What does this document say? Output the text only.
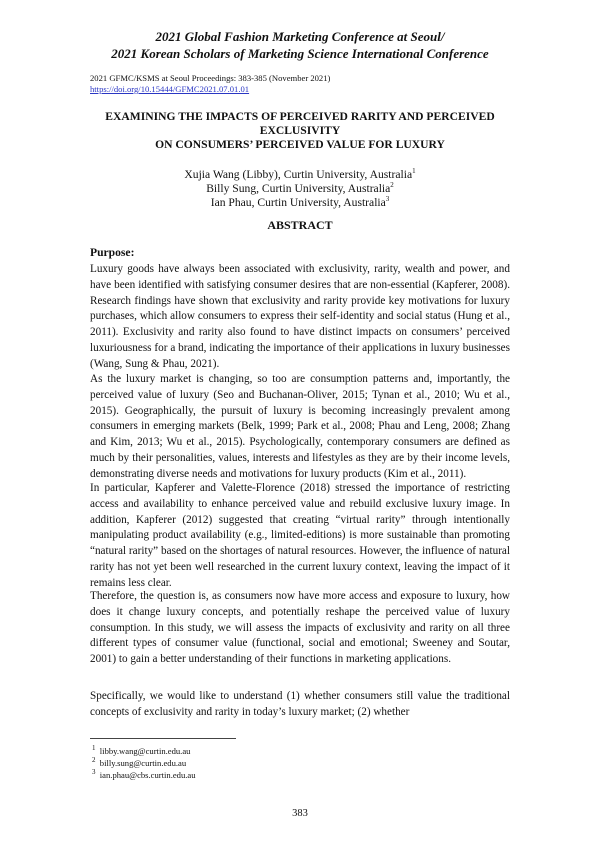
2021 Global Fashion Marketing Conference at Seoul/
2021 Korean Scholars of Marketing Science International Conference
2021 GFMC/KSMS at Seoul Proceedings: 383-385 (November 2021)
https://doi.org/10.15444/GFMC2021.07.01.01
EXAMINING THE IMPACTS OF PERCEIVED RARITY AND PERCEIVED
EXCLUSIVITY
ON CONSUMERS’ PERCEIVED VALUE FOR LUXURY
Xujia Wang (Libby), Curtin University, Australia$^1$
Billy Sung, Curtin University, Australia$^2$
Ian Phau, Curtin University, Australia$^3$
ABSTRACT
Purpose:
Luxury goods have always been associated with exclusivity, rarity, wealth and power, and have been identified with satisfying consumer desires that are non-essential (Kapferer, 2008). Research findings have shown that exclusivity and rarity provide key motivations for luxury purchases, which allow consumers to express their self-identity and social status (Hung et al., 2011). Exclusivity and rarity also found to have distinct impacts on consumers’ perceived luxuriousness for a brand, indicating the importance of their applications in luxury businesses (Wang, Sung & Phau, 2021).
As the luxury market is changing, so too are consumption patterns and, importantly, the perceived value of luxury (Seo and Buchanan-Oliver, 2015; Tynan et al., 2010; Wu et al., 2015). Geographically, the pursuit of luxury is becoming increasingly prevalent among consumers in emerging markets (Belk, 1999; Park et al., 2008; Phau and Leng, 2008; Zhang and Kim, 2013; Wu et al., 2015). Psychologically, contemporary consumers are defined as much by their personalities, values, interests and lifestyles as they are by their income levels, demonstrating diverse needs and motivations for luxury products (Kim et al., 2011).
In particular, Kapferer and Valette-Florence (2018) stressed the importance of restricting access and availability to enhance perceived value and rebuild exclusive luxury image. In addition, Kapferer (2012) suggested that creating “virtual rarity” through intentionally manipulating product availability (e.g., limited-editions) is more sustainable than promoting “natural rarity” based on the shortages of natural resources. However, the influence of natural rarity has not yet been well researched in the current luxury context, leaving the impact of it remains less clear.
Therefore, the question is, as consumers now have more access and exposure to luxury, how does it change luxury concepts, and potentially reshape the perceived value of luxury consumption. In this study, we will assess the impacts of exclusivity and rarity on all three different types of consumer value (functional, social and emotional; Sweeney and Soutar, 2001) to gain a better understanding of their functions in marketing applications.
Specifically, we would like to understand (1) whether consumers still value the traditional concepts of exclusivity and rarity in today’s luxury market; (2) whether
$^1$ libby.wang@curtin.edu.au
$^2$ billy.sung@curtin.edu.au
$^3$ ian.phau@cbs.curtin.edu.au
383
